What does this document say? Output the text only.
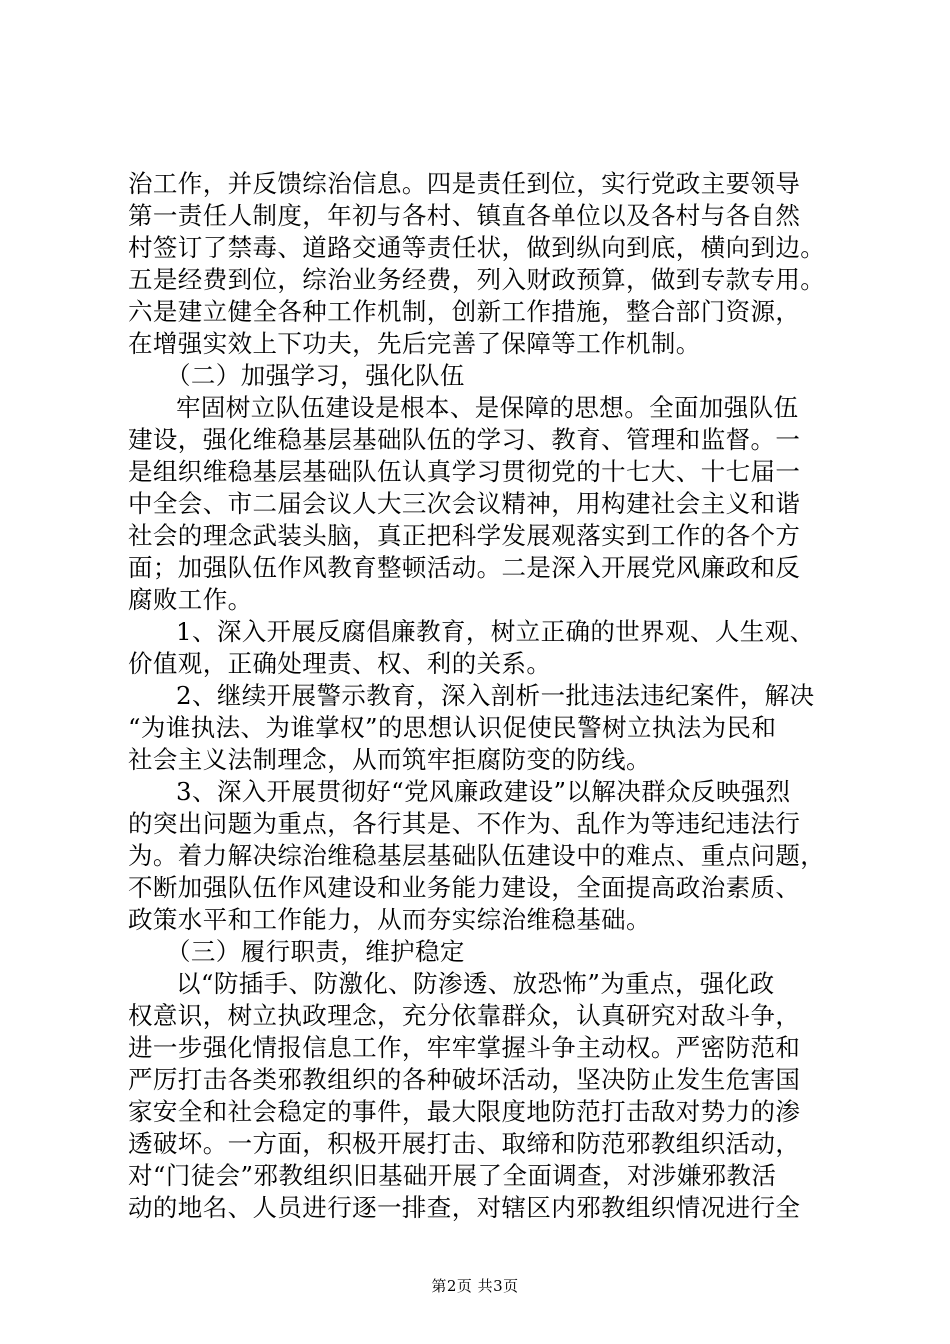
治工作，并反馈综治信息。四是责任到位，实行党政主要领导
第一责任人制度，年初与各村、镇直各单位以及各村与各自然
村签订了禁毒、道路交通等责任状，做到纵向到底，横向到边。
五是经费到位，综治业务经费，列入财政预算，做到专款专用。
六是建立健全各种工作机制，创新工作措施，整合部门资源，
在增强实效上下功夫，先后完善了保障等工作机制。
（二）加强学习，强化队伍
牢固树立队伍建设是根本、是保障的思想。全面加强队伍
建设，强化维稳基层基础队伍的学习、教育、管理和监督。一
是组织维稳基层基础队伍认真学习贯彻党的十七大、十七届一
中全会、市二届会议人大三次会议精神，用构建社会主义和谐
社会的理念武装头脑，真正把科学发展观落实到工作的各个方
面；加强队伍作风教育整顿活动。二是深入开展党风廉政和反
腐败工作。
1、深入开展反腐倡廉教育，树立正确的世界观、人生观、
价值观，正确处理责、权、利的关系。
2、继续开展警示教育，深入剖析一批违法违纪案件，解决
“为谁执法、为谁掌权”的思想认识促使民警树立执法为民和
社会主义法制理念，从而筑牢拒腐防变的防线。
3、深入开展贯彻好“党风廉政建设”以解决群众反映强烈
的突出问题为重点，各行其是、不作为、乱作为等违纪违法行
为。着力解决综治维稳基层基础队伍建设中的难点、重点问题，
不断加强队伍作风建设和业务能力建设，全面提高政治素质、
政策水平和工作能力，从而夯实综治维稳基础。
（三）履行职责，维护稳定
以“防插手、防激化、防渗透、放恐怖”为重点，强化政
权意识，树立执政理念，充分依靠群众，认真研究对敌斗争，
进一步强化情报信息工作，牢牢掌握斗争主动权。严密防范和
严厉打击各类邪教组织的各种破坏活动，坚决防止发生危害国
家安全和社会稳定的事件，最大限度地防范打击敌对势力的渗
透破坏。一方面，积极开展打击、取缔和防范邪教组织活动，
对“门徒会”邪教组织旧基础开展了全面调查，对涉嫌邪教活
动的地名、人员进行逐一排查，对辖区内邪教组织情况进行全
第2页 共3页
